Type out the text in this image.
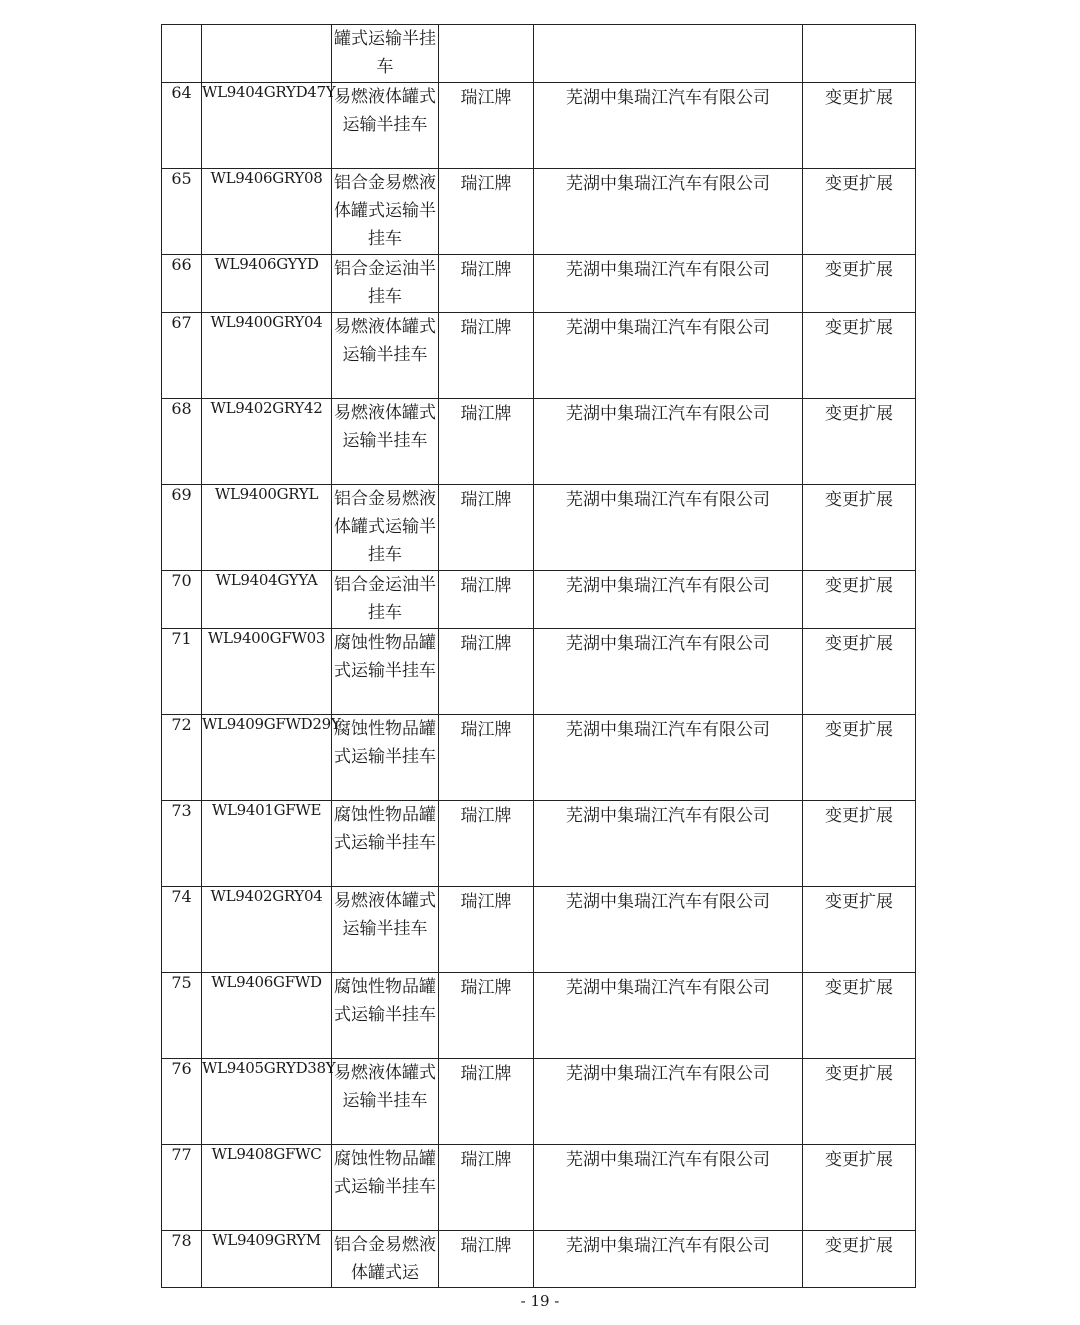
		罐式运输半挂车			
64	WL9404GRYD47Y	易燃液体罐式运输半挂车	瑞江牌	芜湖中集瑞江汽车有限公司	变更扩展
65	WL9406GRY08	铝合金易燃液体罐式运输半挂车	瑞江牌	芜湖中集瑞江汽车有限公司	变更扩展
66	WL9406GYYD	铝合金运油半挂车	瑞江牌	芜湖中集瑞江汽车有限公司	变更扩展
67	WL9400GRY04	易燃液体罐式运输半挂车	瑞江牌	芜湖中集瑞江汽车有限公司	变更扩展
68	WL9402GRY42	易燃液体罐式运输半挂车	瑞江牌	芜湖中集瑞江汽车有限公司	变更扩展
69	WL9400GRYL	铝合金易燃液体罐式运输半挂车	瑞江牌	芜湖中集瑞江汽车有限公司	变更扩展
70	WL9404GYYA	铝合金运油半挂车	瑞江牌	芜湖中集瑞江汽车有限公司	变更扩展
71	WL9400GFW03	腐蚀性物品罐式运输半挂车	瑞江牌	芜湖中集瑞江汽车有限公司	变更扩展
72	WL9409GFWD29Y	腐蚀性物品罐式运输半挂车	瑞江牌	芜湖中集瑞江汽车有限公司	变更扩展
73	WL9401GFWE	腐蚀性物品罐式运输半挂车	瑞江牌	芜湖中集瑞江汽车有限公司	变更扩展
74	WL9402GRY04	易燃液体罐式运输半挂车	瑞江牌	芜湖中集瑞江汽车有限公司	变更扩展
75	WL9406GFWD	腐蚀性物品罐式运输半挂车	瑞江牌	芜湖中集瑞江汽车有限公司	变更扩展
76	WL9405GRYD38Y	易燃液体罐式运输半挂车	瑞江牌	芜湖中集瑞江汽车有限公司	变更扩展
77	WL9408GFWC	腐蚀性物品罐式运输半挂车	瑞江牌	芜湖中集瑞江汽车有限公司	变更扩展
78	WL9409GRYM	铝合金易燃液体罐式运	瑞江牌	芜湖中集瑞江汽车有限公司	变更扩展
- 19 -
